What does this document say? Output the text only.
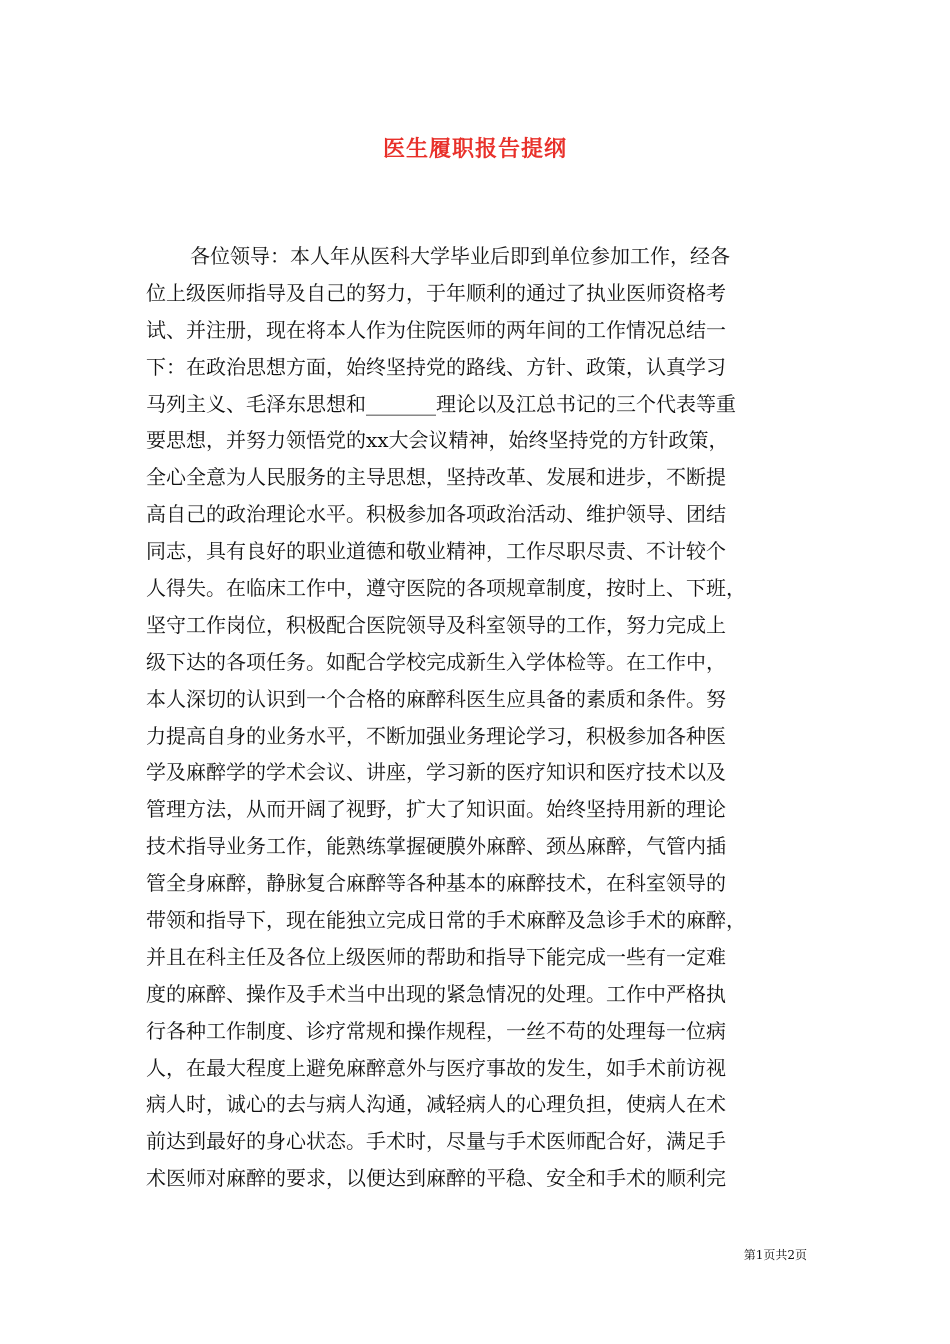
医生履职报告提纲
各位领导：本人年从医科大学毕业后即到单位参加工作，经各
位上级医师指导及自己的努力，于年顺利的通过了执业医师资格考
试、并注册，现在将本人作为住院医师的两年间的工作情况总结一
下：在政治思想方面，始终坚持党的路线、方针、政策，认真学习
马列主义、毛泽东思想和_______理论以及江总书记的三个代表等重
要思想，并努力领悟党的xx大会议精神，始终坚持党的方针政策，
全心全意为人民服务的主导思想，坚持改革、发展和进步，不断提
高自己的政治理论水平。积极参加各项政治活动、维护领导、团结
同志，具有良好的职业道德和敬业精神，工作尽职尽责、不计较个
人得失。在临床工作中，遵守医院的各项规章制度，按时上、下班，
坚守工作岗位，积极配合医院领导及科室领导的工作，努力完成上
级下达的各项任务。如配合学校完成新生入学体检等。在工作中，
本人深切的认识到一个合格的麻醉科医生应具备的素质和条件。努
力提高自身的业务水平，不断加强业务理论学习，积极参加各种医
学及麻醉学的学术会议、讲座，学习新的医疗知识和医疗技术以及
管理方法，从而开阔了视野，扩大了知识面。始终坚持用新的理论
技术指导业务工作，能熟练掌握硬膜外麻醉、颈丛麻醉，气管内插
管全身麻醉，静脉复合麻醉等各种基本的麻醉技术，在科室领导的
带领和指导下，现在能独立完成日常的手术麻醉及急诊手术的麻醉，
并且在科主任及各位上级医师的帮助和指导下能完成一些有一定难
度的麻醉、操作及手术当中出现的紧急情况的处理。工作中严格执
行各种工作制度、诊疗常规和操作规程，一丝不苟的处理每一位病
人，在最大程度上避免麻醉意外与医疗事故的发生，如手术前访视
病人时，诚心的去与病人沟通，减轻病人的心理负担，使病人在术
前达到最好的身心状态。手术时，尽量与手术医师配合好，满足手
术医师对麻醉的要求，以便达到麻醉的平稳、安全和手术的顺利完
第1页共2页
